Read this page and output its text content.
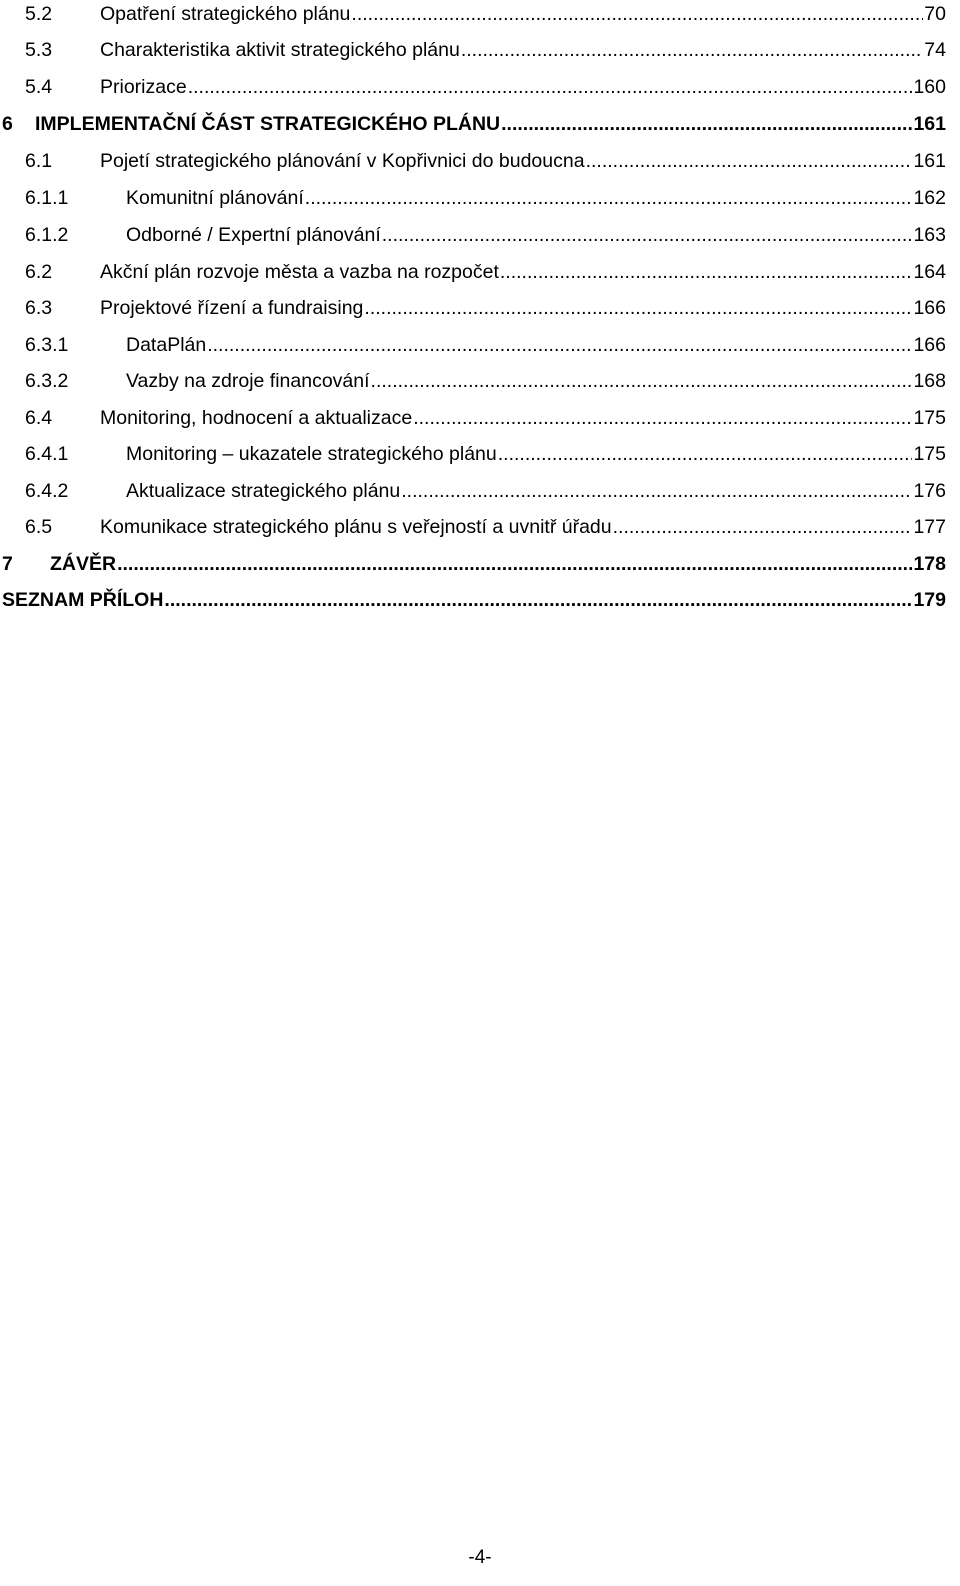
5.2	Opatření strategického plánu .....	70
5.3	Charakteristika aktivit strategického plánu .....	74
5.4	Priorizace .....	160
6	IMPLEMENTAČNÍ ČÁST STRATEGICKÉHO PLÁNU .....	161
6.1	Pojetí strategického plánování v Kopřivnici do budoucna .....	161
6.1.1	Komunitní plánování .....	162
6.1.2	Odborné / Expertní plánování .....	163
6.2	Akční plán rozvoje města a vazba na rozpočet .....	164
6.3	Projektové řízení a fundraising .....	166
6.3.1	DataPlán .....	166
6.3.2	Vazby na zdroje financování .....	168
6.4	Monitoring, hodnocení a aktualizace .....	175
6.4.1	Monitoring – ukazatele strategického plánu .....	175
6.4.2	Aktualizace strategického plánu .....	176
6.5	Komunikace strategického plánu s veřejností a uvnitř úřadu .....	177
7	ZÁVĚR .....	178
SEZNAM PŘÍLOH .....	179
-4-
